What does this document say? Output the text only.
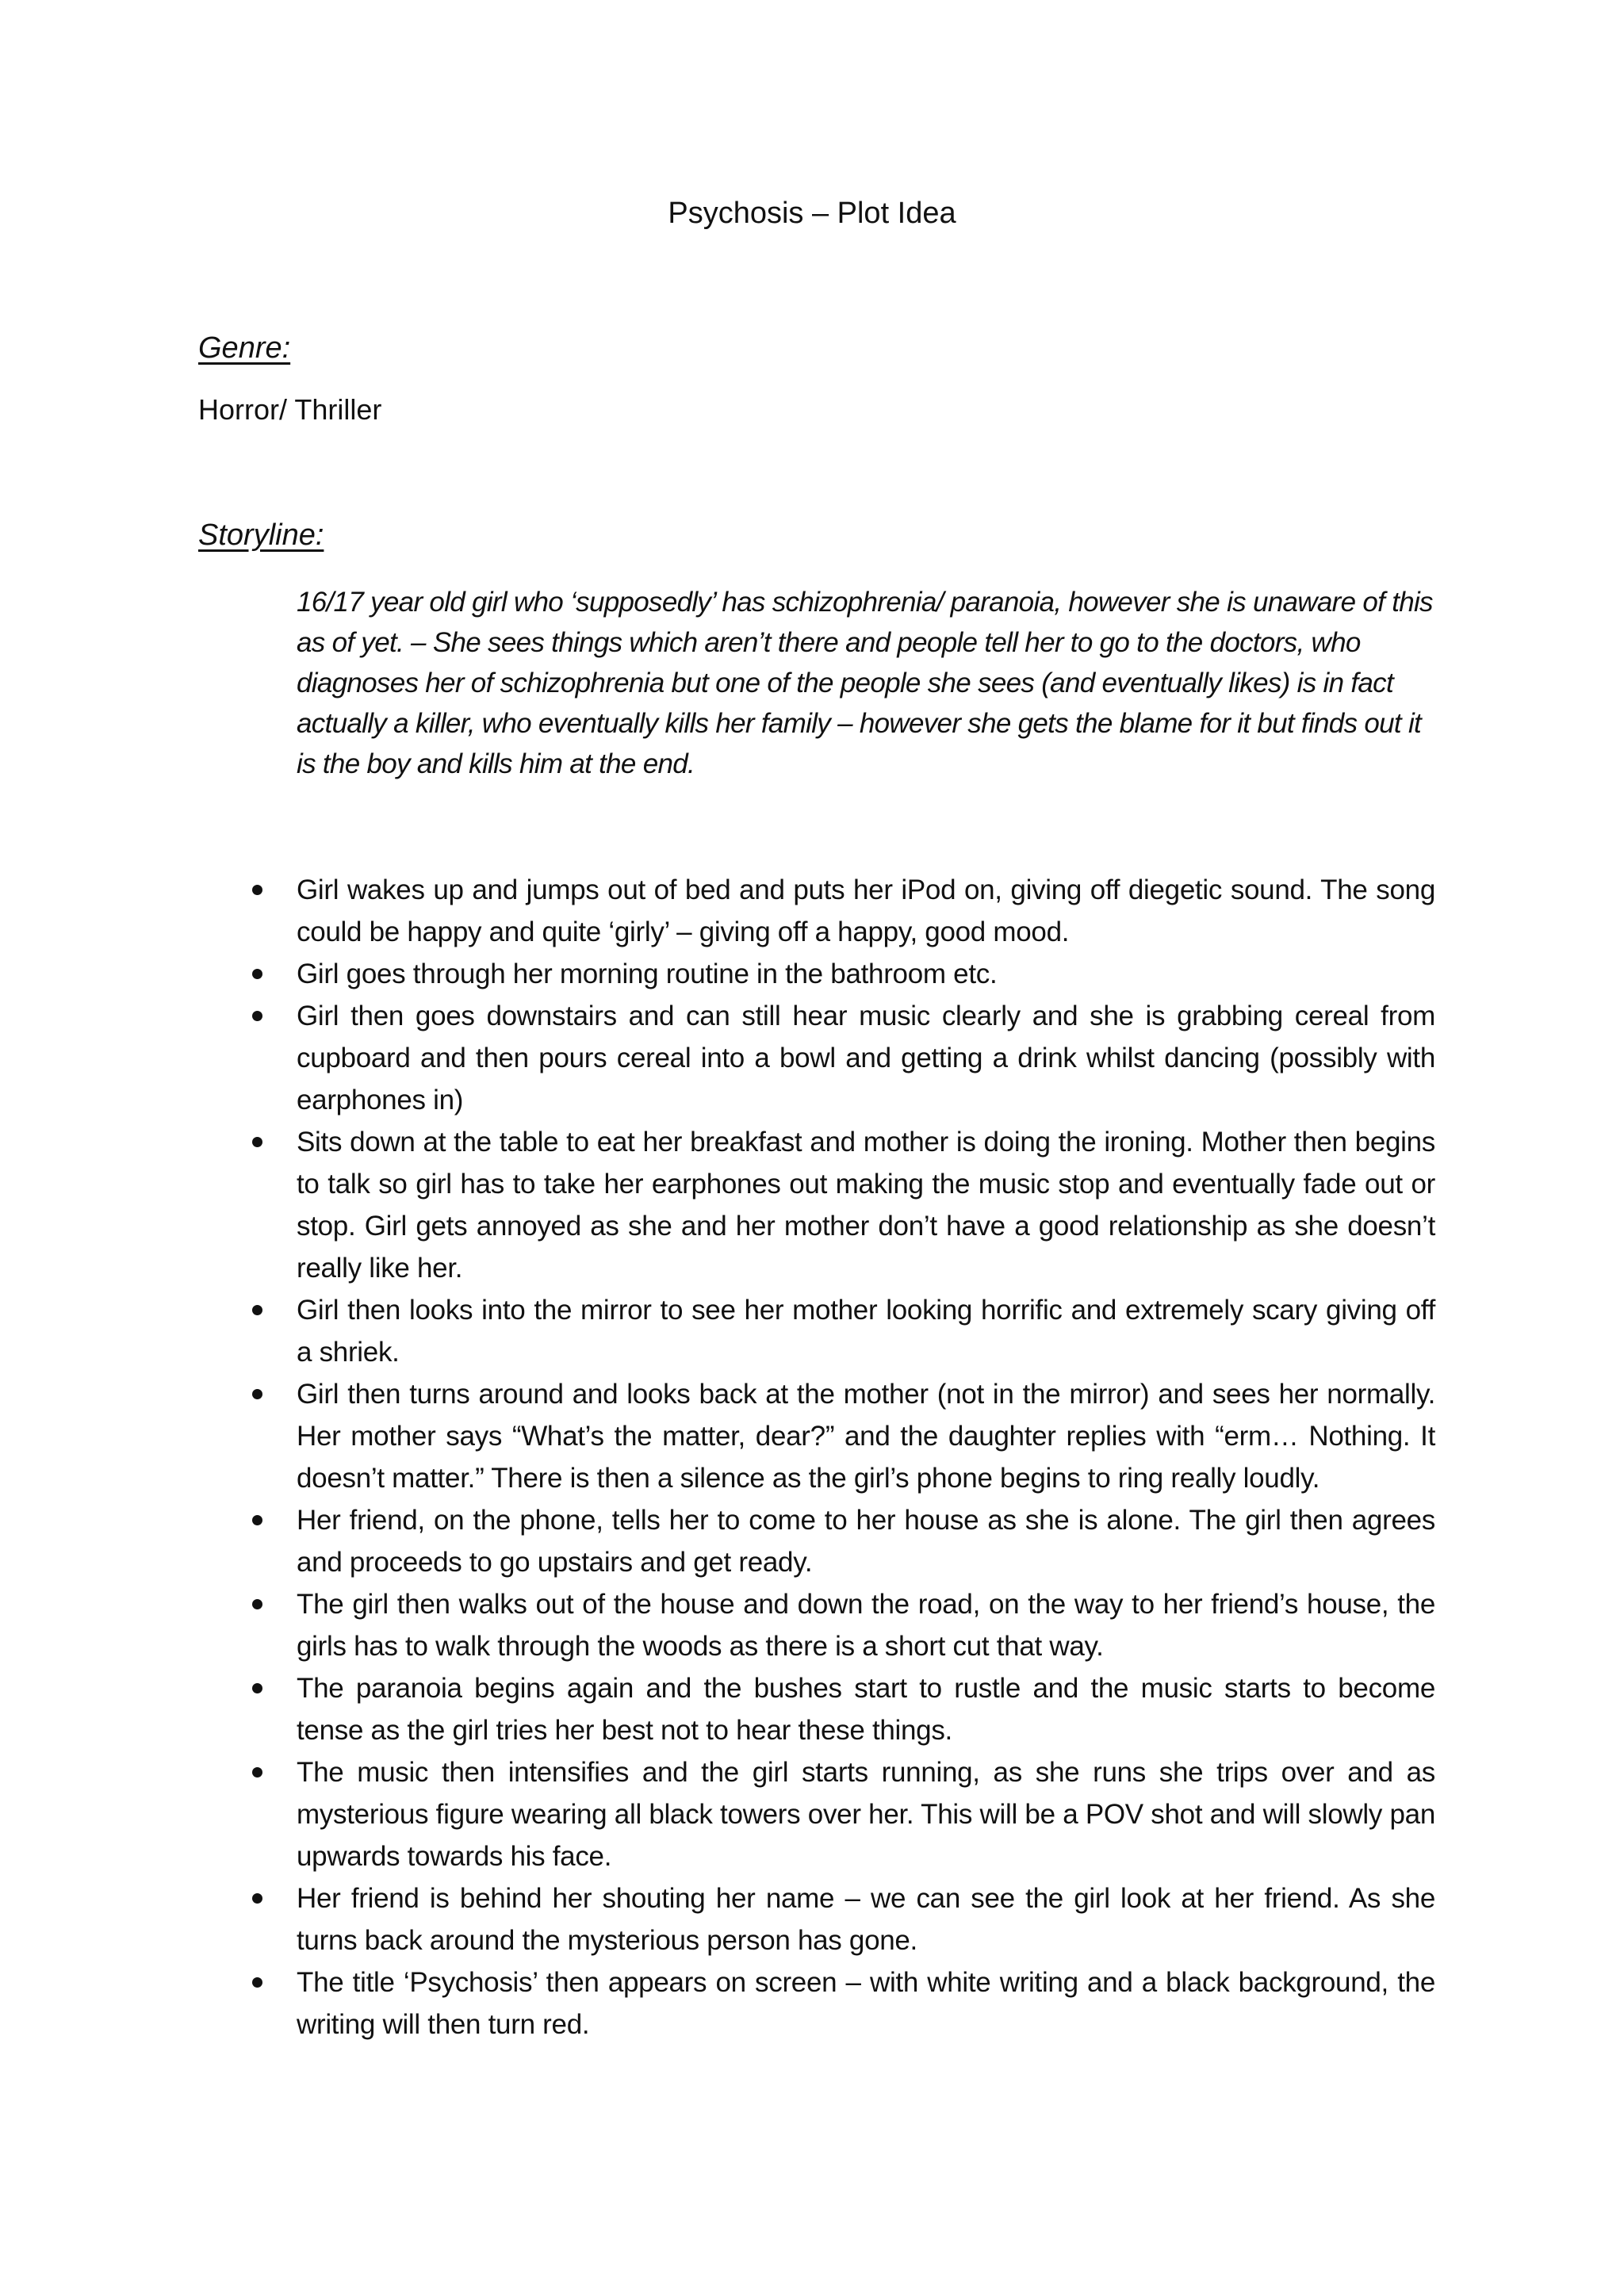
Psychosis – Plot Idea
Genre:
Horror/ Thriller
Storyline:

16/17 year old girl who ‘supposedly’ has schizophrenia/ paranoia, however she is unaware of this as of yet. – She sees things which aren’t there and people tell her to go to the doctors, who diagnoses her of schizophrenia but one of the people she sees (and eventually likes) is in fact actually a killer, who eventually kills her family – however she gets the blame for it but finds out it is the boy and kills him at the end.

Girl wakes up and jumps out of bed and puts her iPod on, giving off diegetic sound. The song could be happy and quite ‘girly’ – giving off a happy, good mood.
Girl goes through her morning routine in the bathroom etc.
Girl then goes downstairs and can still hear music clearly and she is grabbing cereal from cupboard and then pours cereal into a bowl and getting a drink whilst dancing (possibly with earphones in)
Sits down at the table to eat her breakfast and mother is doing the ironing. Mother then begins to talk so girl has to take her earphones out making the music stop and eventually fade out or stop. Girl gets annoyed as she and her mother don’t have a good relationship as she doesn’t really like her.
Girl then looks into the mirror to see her mother looking horrific and extremely scary giving off a shriek.
Girl then turns around and looks back at the mother (not in the mirror) and sees her normally. Her mother says “What’s the matter, dear?” and the daughter replies with “erm… Nothing. It doesn’t matter.” There is then a silence as the girl’s phone begins to ring really loudly.
Her friend, on the phone, tells her to come to her house as she is alone. The girl then agrees and proceeds to go upstairs and get ready.
The girl then walks out of the house and down the road, on the way to her friend’s house, the girls has to walk through the woods as there is a short cut that way.
The paranoia begins again and the bushes start to rustle and the music starts to become tense as the girl tries her best not to hear these things.
The music then intensifies and the girl starts running, as she runs she trips over and as mysterious figure wearing all black towers over her. This will be a POV shot and will slowly pan upwards towards his face.
Her friend is behind her shouting her name – we can see the girl look at her friend. As she turns back around the mysterious person has gone.
The title ‘Psychosis’ then appears on screen – with white writing and a black background, the writing will then turn red.
